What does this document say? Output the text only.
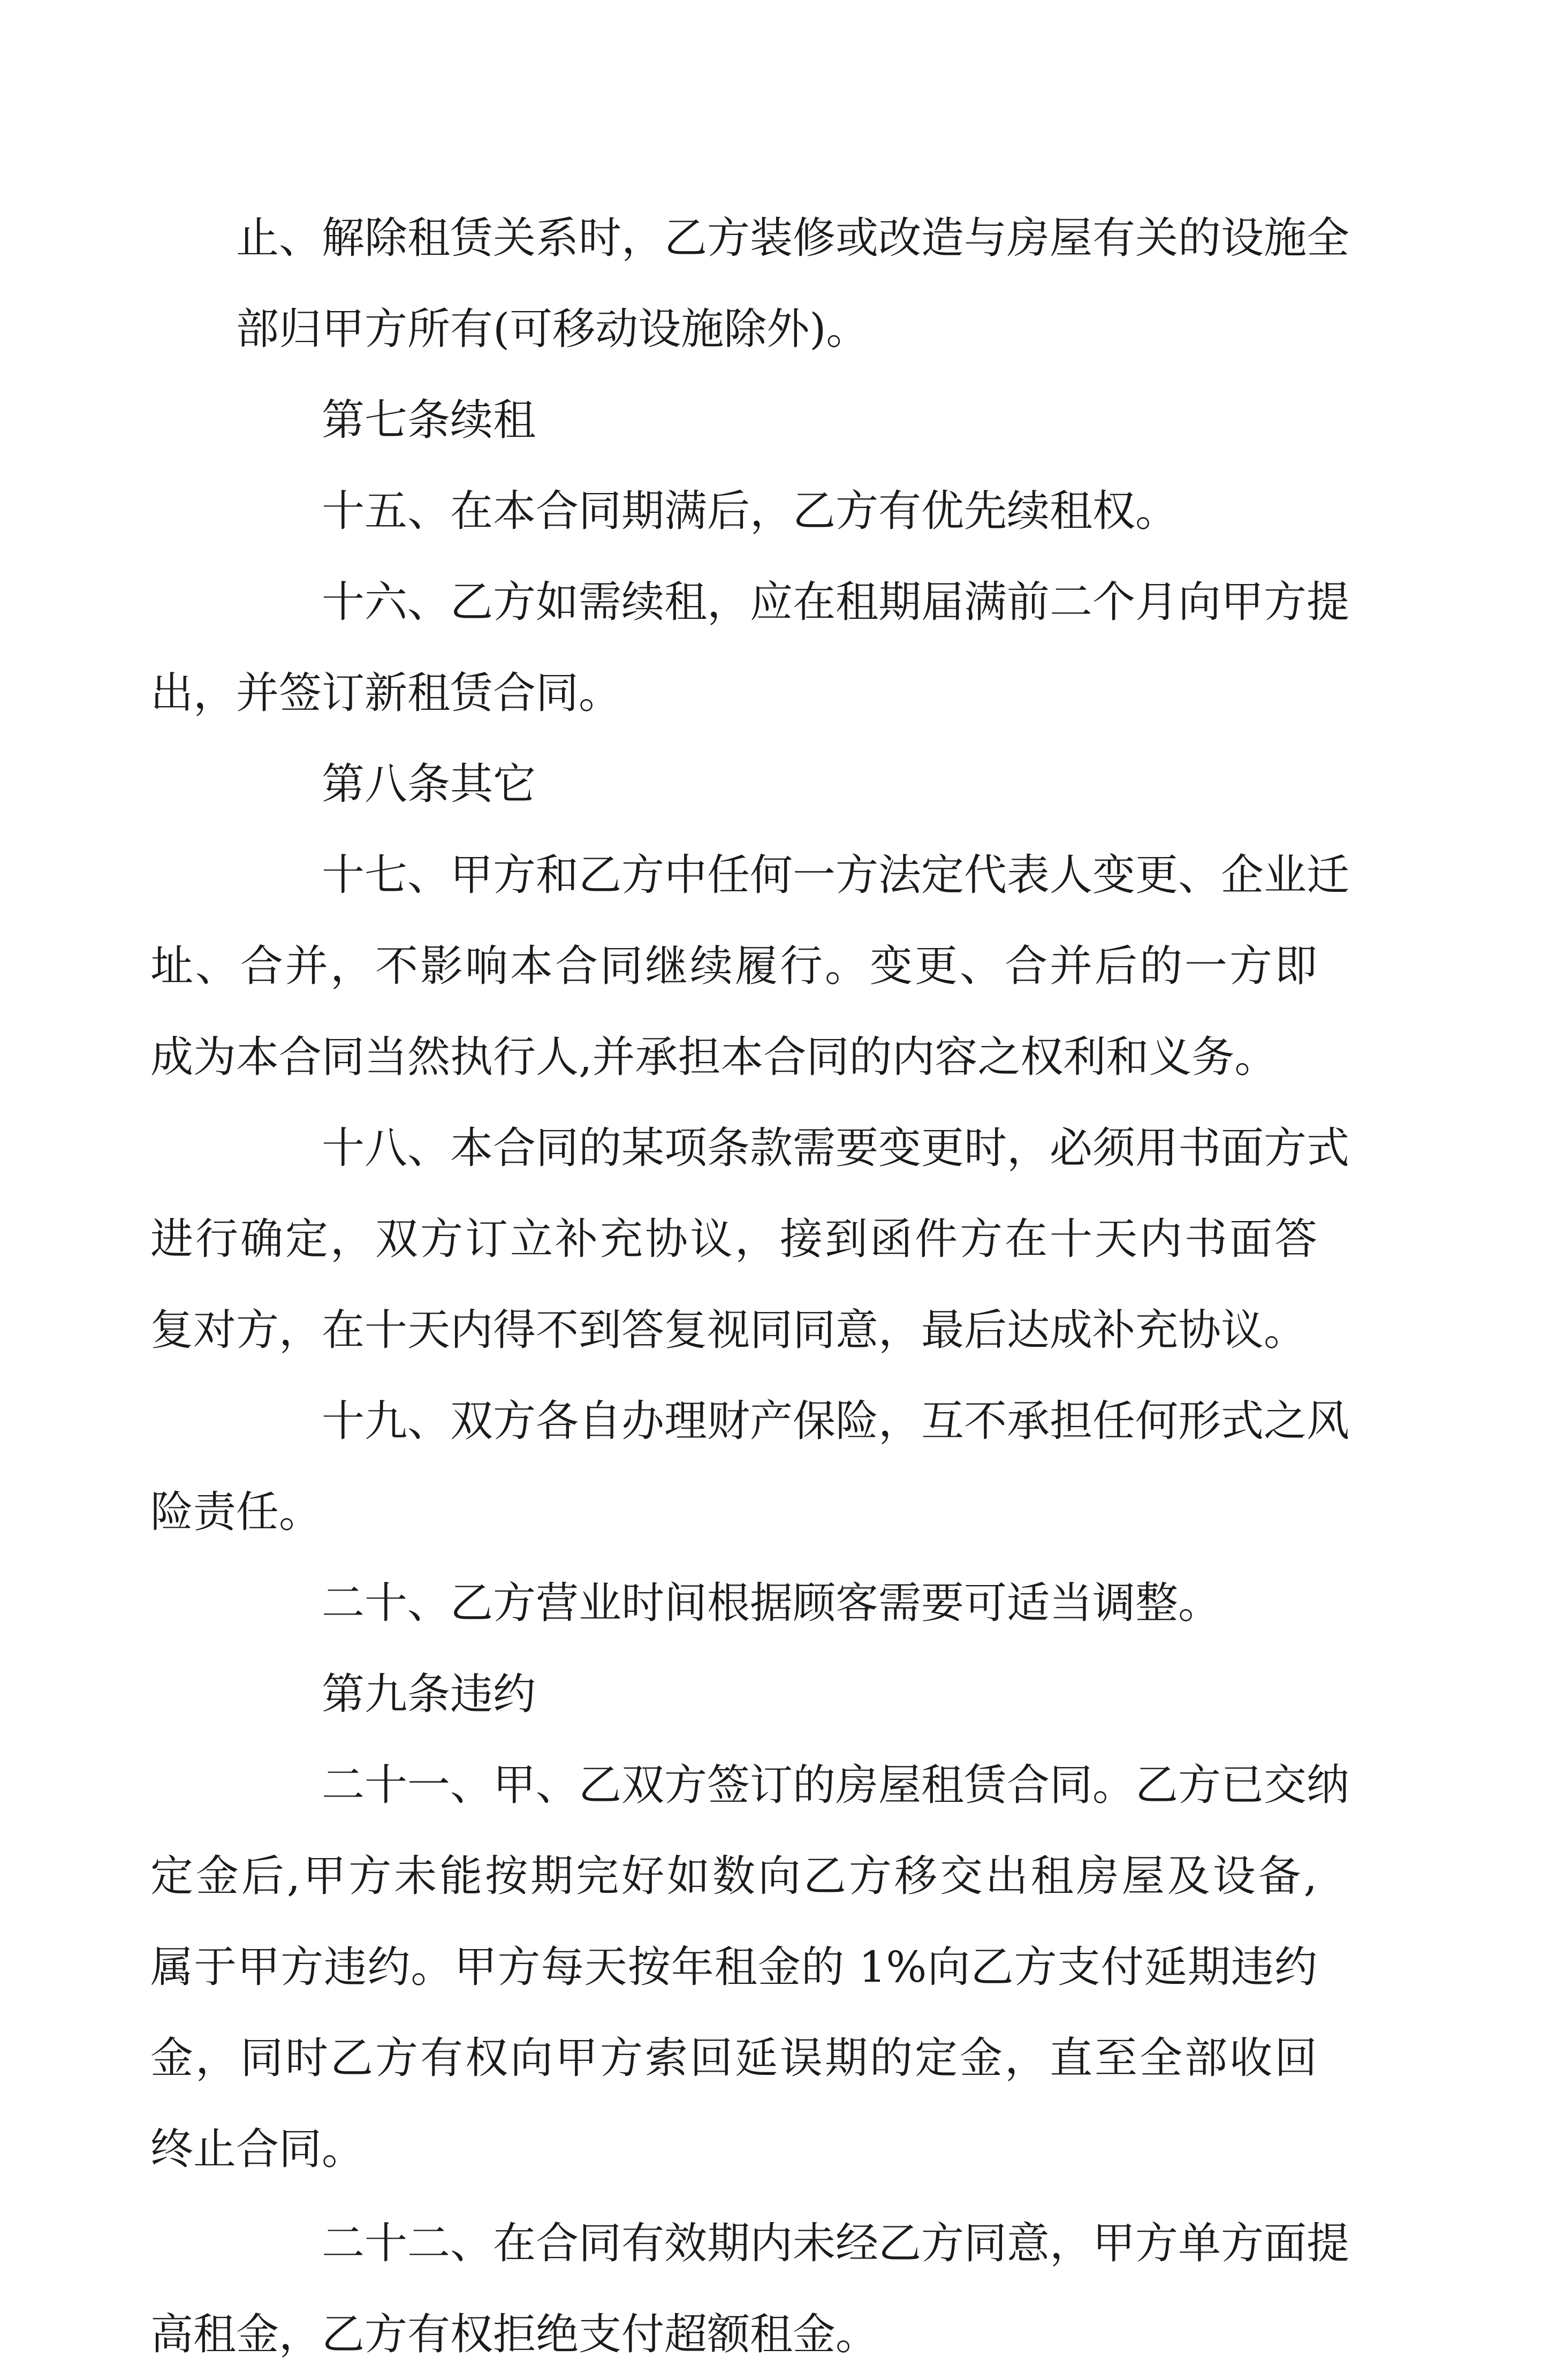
止、解除租赁关系时，乙方装修或改造与房屋有关的设施全
部归甲方所有(可移动设施除外)。
第七条续租
十五、在本合同期满后，乙方有优先续租权。
十六、乙方如需续租，应在租期届满前二个月向甲方提
出，并签订新租赁合同。
第八条其它
十七、甲方和乙方中任何一方法定代表人变更、企业迁
址、合并，不影响本合同继续履行。变更、合并后的一方即
成为本合同当然执行人,并承担本合同的内容之权利和义务。
十八、本合同的某项条款需要变更时，必须用书面方式
进行确定，双方订立补充协议，接到函件方在十天内书面答
复对方，在十天内得不到答复视同同意，最后达成补充协议。
十九、双方各自办理财产保险，互不承担任何形式之风
险责任。
二十、乙方营业时间根据顾客需要可适当调整。
第九条违约
二十一、甲、乙双方签订的房屋租赁合同。乙方已交纳
定金后,甲方未能按期完好如数向乙方移交出租房屋及设备,
属于甲方违约。甲方每天按年租金的 1%向乙方支付延期违约
金，同时乙方有权向甲方索回延误期的定金，直至全部收回
终止合同。
二十二、在合同有效期内未经乙方同意，甲方单方面提
高租金，乙方有权拒绝支付超额租金。
